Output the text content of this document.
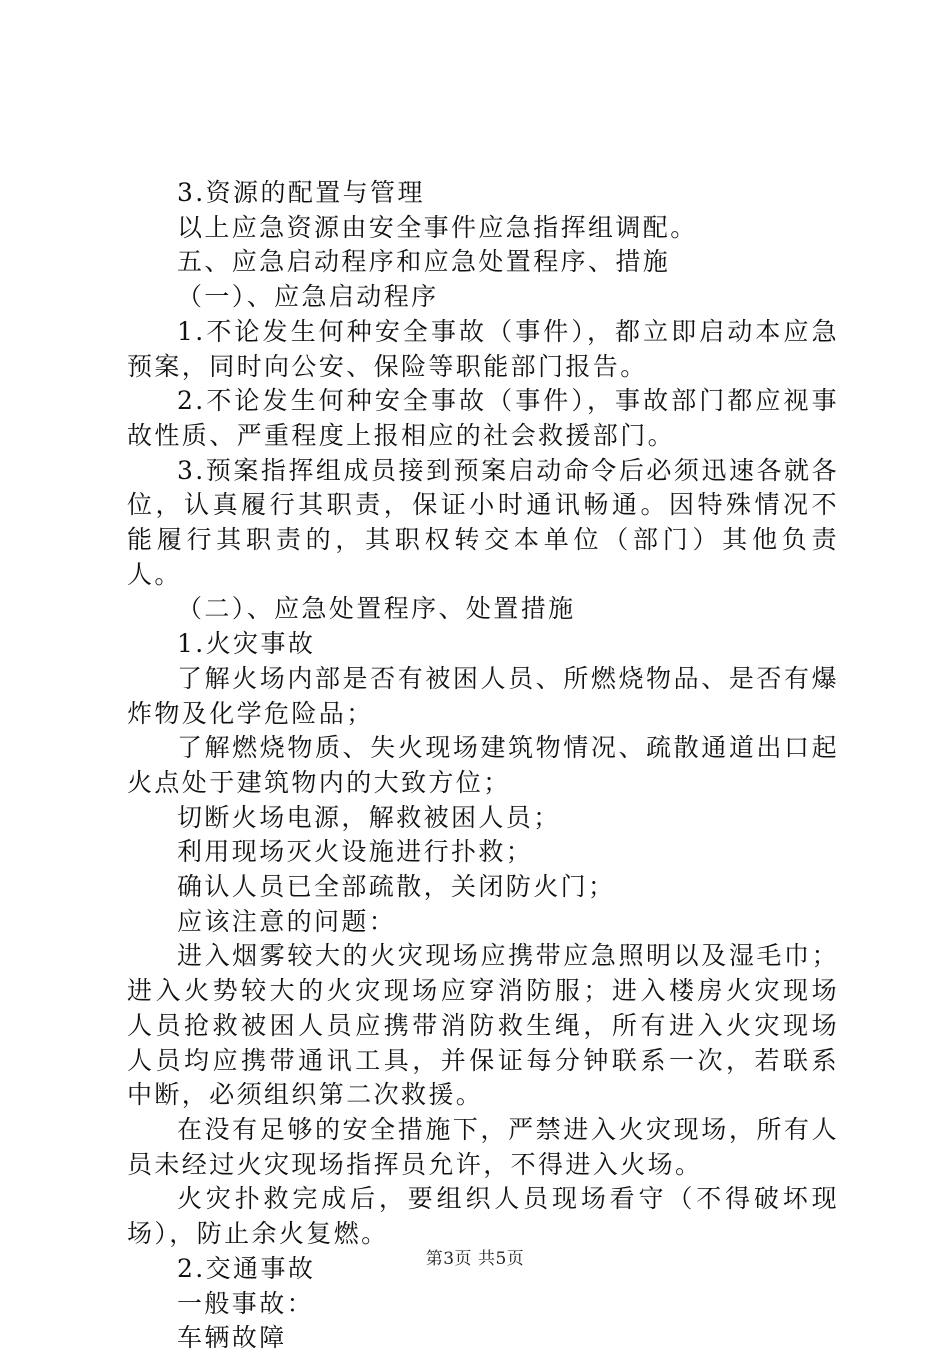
3.资源的配置与管理

以上应急资源由安全事件应急指挥组调配。

五、应急启动程序和应急处置程序、措施

（一）、应急启动程序

1.不论发生何种安全事故（事件），都立即启动本应急预案，同时向公安、保险等职能部门报告。

2.不论发生何种安全事故（事件），事故部门都应视事故性质、严重程度上报相应的社会救援部门。

3.预案指挥组成员接到预案启动命令后必须迅速各就各位，认真履行其职责，保证小时通讯畅通。因特殊情况不能履行其职责的，其职权转交本单位（部门）其他负责人。

（二）、应急处置程序、处置措施

1.火灾事故

了解火场内部是否有被困人员、所燃烧物品、是否有爆炸物及化学危险品；

了解燃烧物质、失火现场建筑物情况、疏散通道出口起火点处于建筑物内的大致方位；

切断火场电源，解救被困人员；

利用现场灭火设施进行扑救；

确认人员已全部疏散，关闭防火门；

应该注意的问题：

进入烟雾较大的火灾现场应携带应急照明以及湿毛巾；进入火势较大的火灾现场应穿消防服；进入楼房火灾现场人员抢救被困人员应携带消防救生绳，所有进入火灾现场人员均应携带通讯工具，并保证每分钟联系一次，若联系中断，必须组织第二次救援。

在没有足够的安全措施下，严禁进入火灾现场，所有人员未经过火灾现场指挥员允许，不得进入火场。

火灾扑救完成后，要组织人员现场看守（不得破坏现场），防止余火复燃。

2.交通事故

一般事故：

车辆故障

第3页 共5页
